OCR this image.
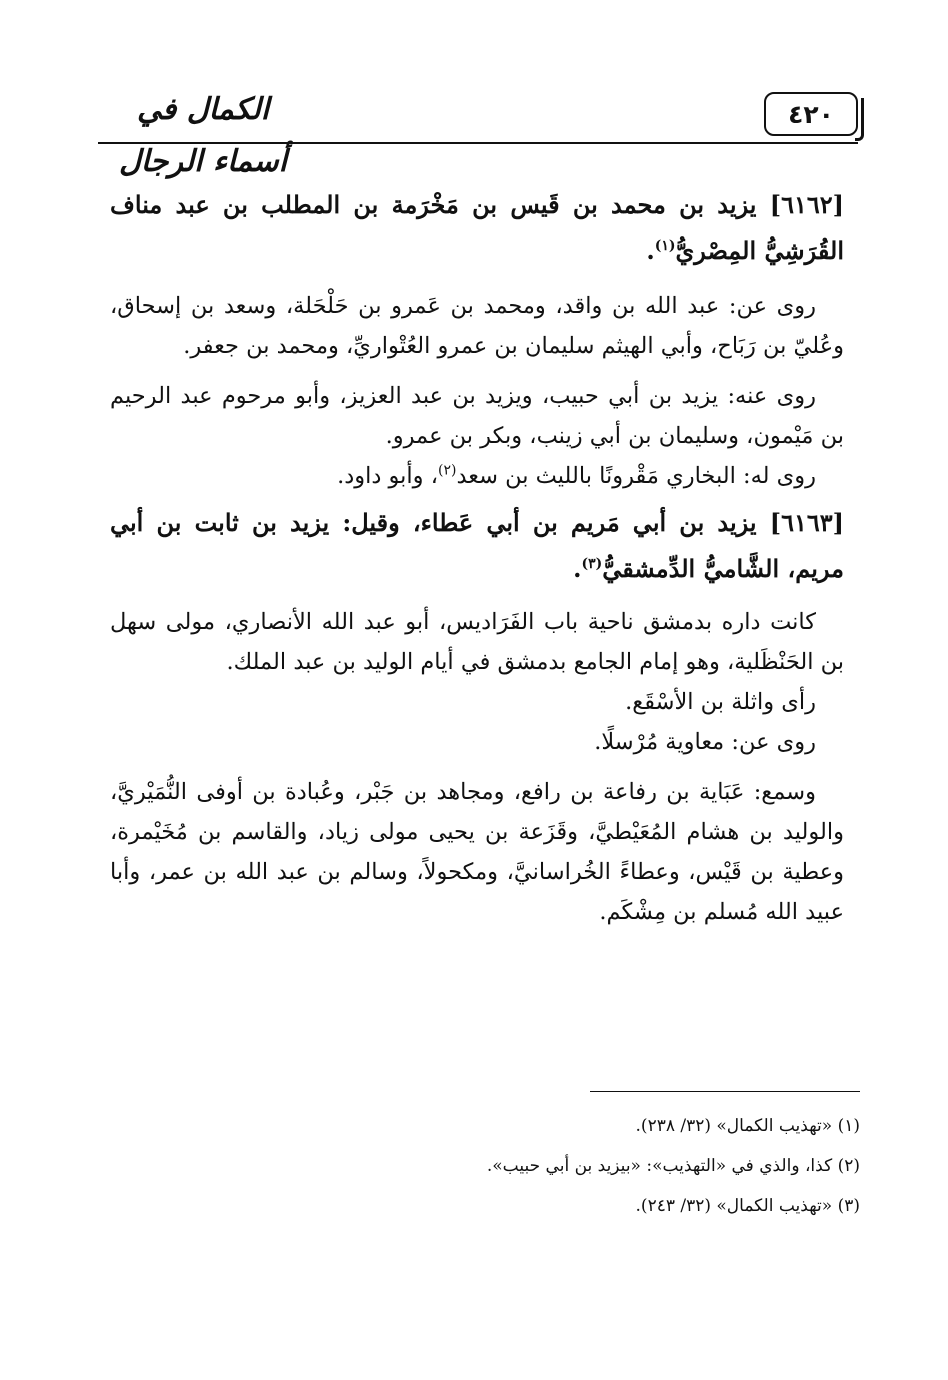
الكمال في أسماء الرجال
٤٢٠

[٦١٦٢] يزيد بن محمد بن قَيس بن مَخْرَمة بن المطلب بن عبد مناف القُرَشِيُّ المِصْريُّ$^{(١)}$.

روى عن: عبد الله بن واقد، ومحمد بن عَمرو بن حَلْحَلة، وسعد بن إسحاق، وعُليّ بن رَبَاح، وأبي الهيثم سليمان بن عمرو العُتْواريِّ، ومحمد بن جعفر.

روى عنه: يزيد بن أبي حبيب، ويزيد بن عبد العزيز، وأبو مرحوم عبد الرحيم بن مَيْمون، وسليمان بن أبي زينب، وبكر بن عمرو.

روى له: البخاري مَقْرونًا بالليث بن سعد$^{(٢)}$، وأبو داود.

[٦١٦٣] يزيد بن أبي مَريم بن أبي عَطاء، وقيل: يزيد بن ثابت بن أبي مريم، الشَّاميُّ الدِّمشقيُّ$^{(٣)}$.

كانت داره بدمشق ناحية باب الفَرَاديس، أبو عبد الله الأنصاري، مولى سهل بن الحَنْظَلية، وهو إمام الجامع بدمشق في أيام الوليد بن عبد الملك.

رأى واثلة بن الأسْقَع.

روى عن: معاوية مُرْسلًا.

وسمع: عَبَاية بن رفاعة بن رافع، ومجاهد بن جَبْر، وعُبادة بن أوفى النُّمَيْريَّ، والوليد بن هشام المُعَيْطيَّ، وقَزَعة بن يحيى مولى زياد، والقاسم بن مُخَيْمرة، وعطية بن قَيْس، وعطاءً الخُراسانيَّ، ومكحولاً، وسالم بن عبد الله بن عمر، وأبا عبيد الله مُسلم بن مِشْكَم.

(١) «تهذيب الكمال» (٣٢/ ٢٣٨).

(٢) كذا، والذي في «التهذيب»: «بيزيد بن أبي حبيب».

(٣) «تهذيب الكمال» (٣٢/ ٢٤٣).
